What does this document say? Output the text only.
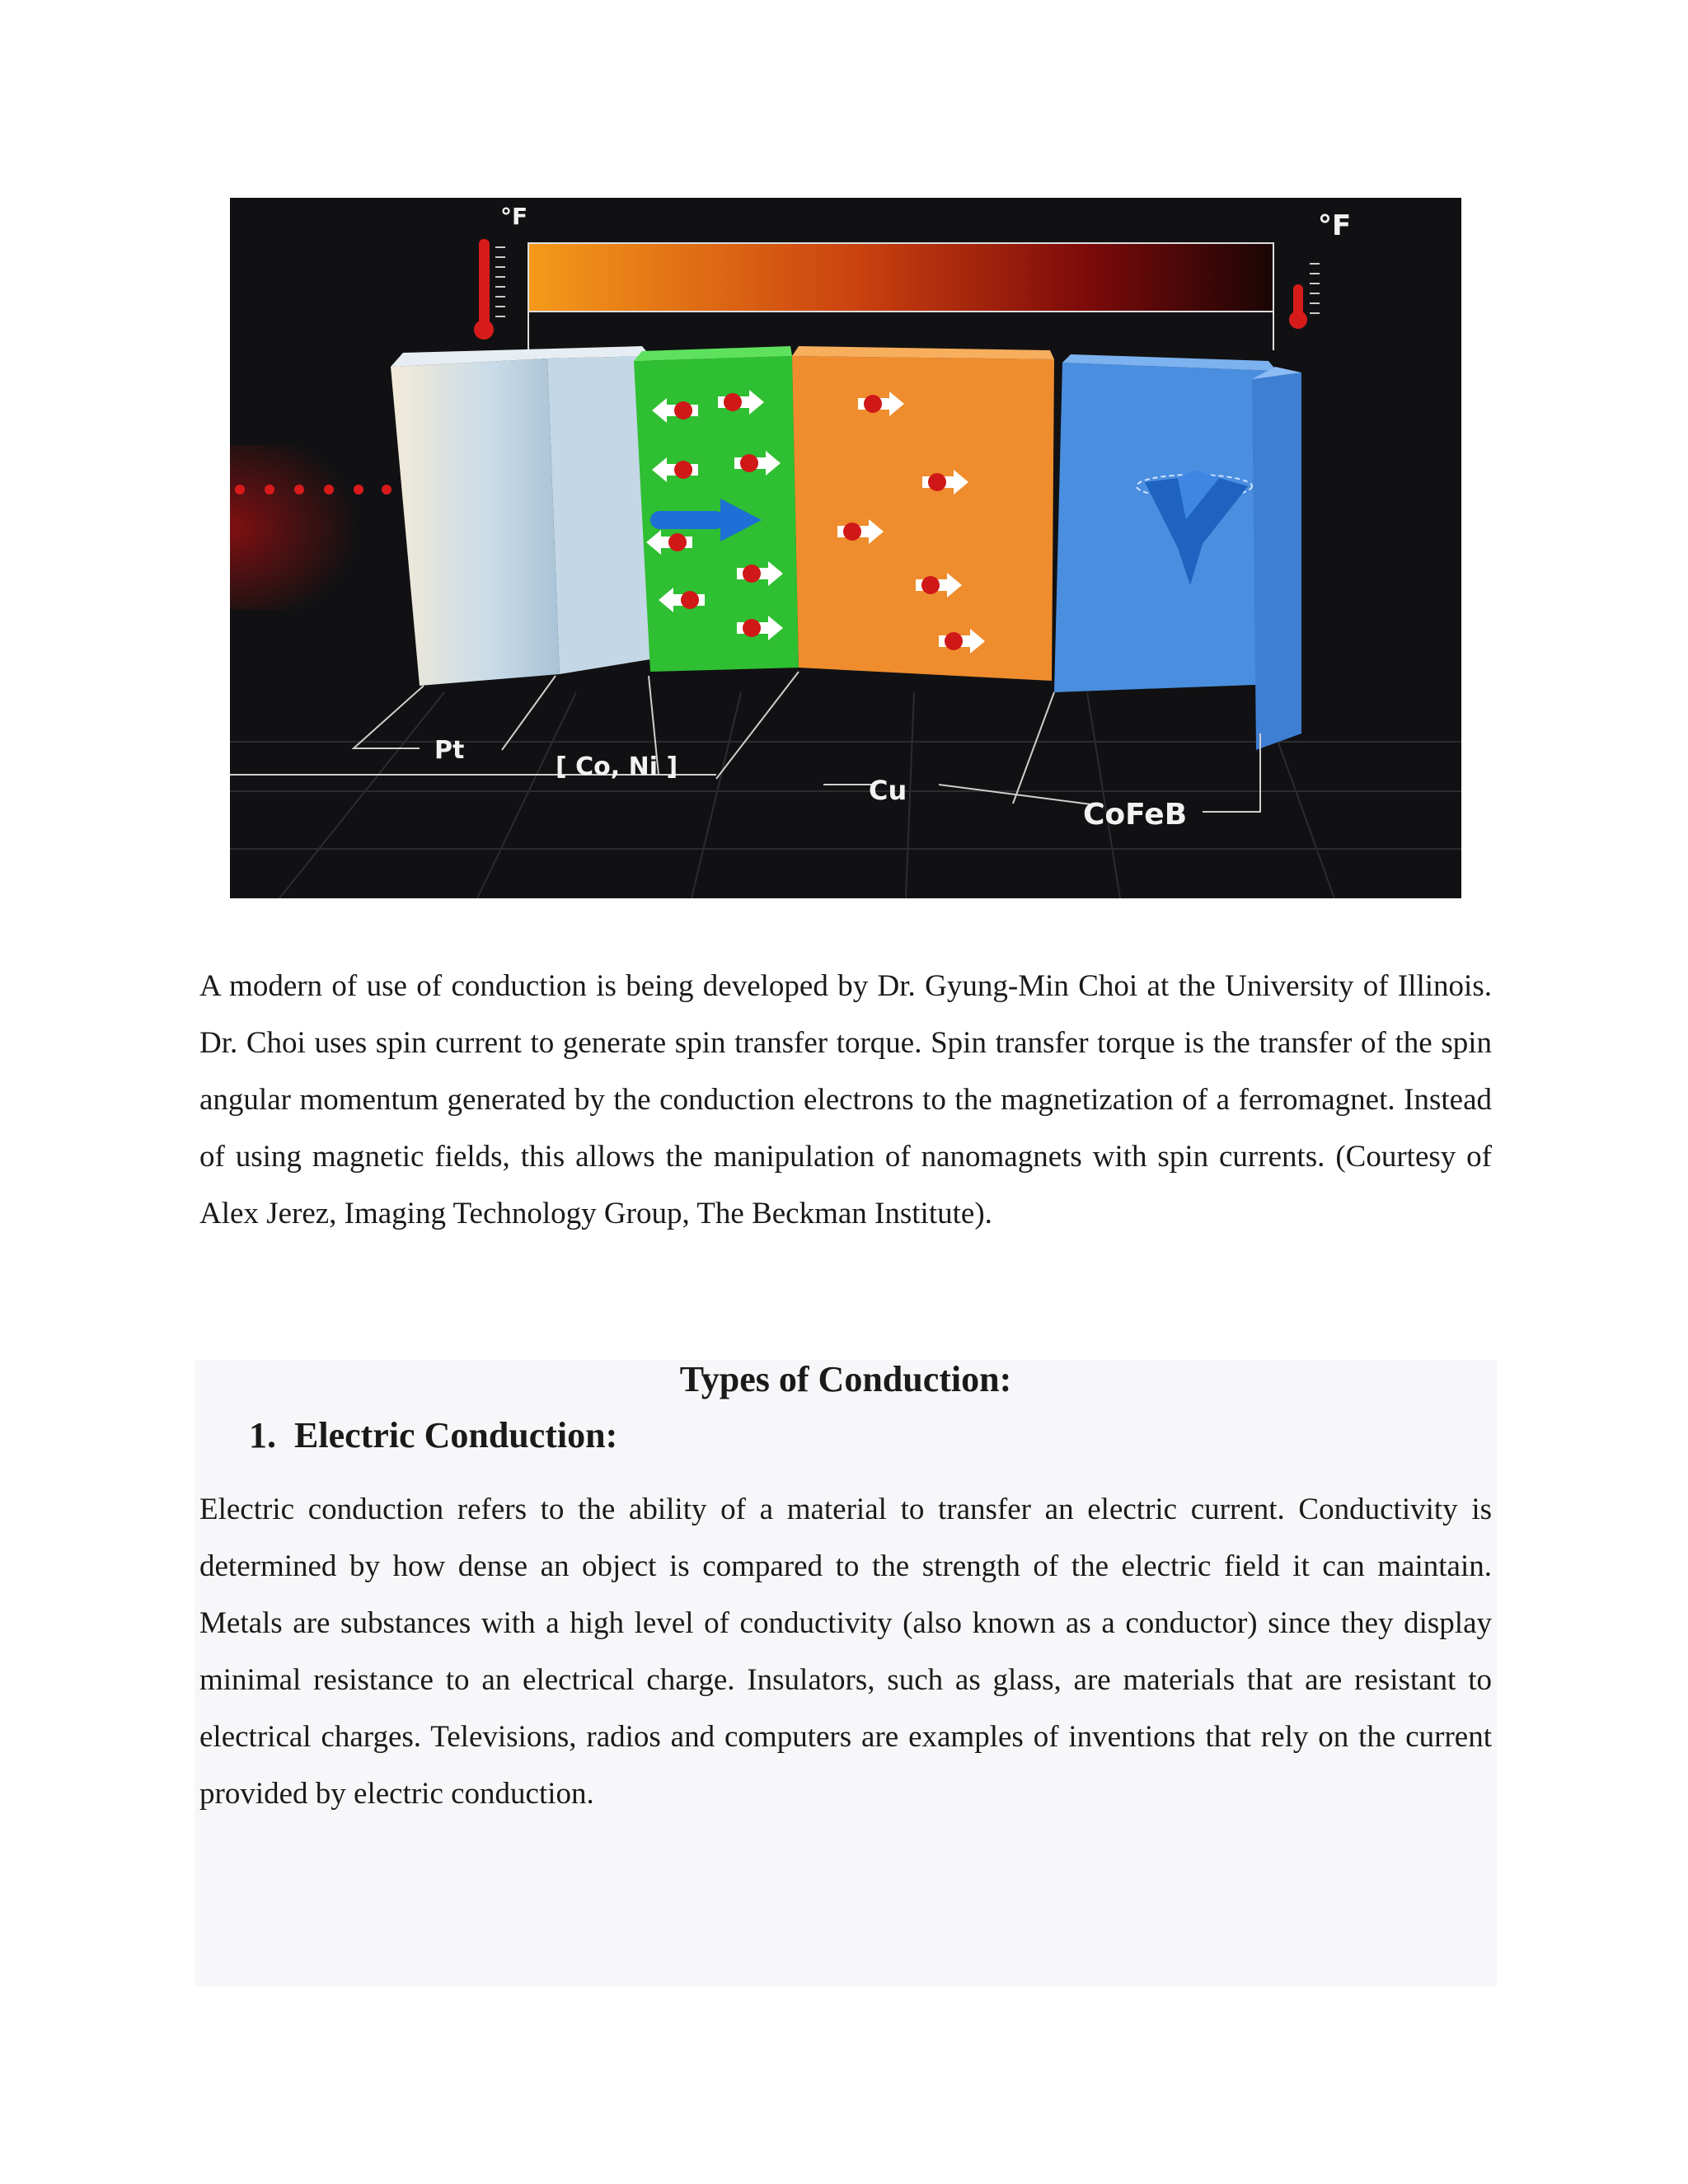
°F	°F
Pt
[ Co, Ni ]
Cu
CoFeB

A modern of use of conduction is being developed by Dr. Gyung-Min Choi at the University of Illinois. Dr. Choi uses spin current to generate spin transfer torque. Spin transfer torque is the transfer of the spin angular momentum generated by the conduction electrons to the magnetization of a ferromagnet. Instead of using magnetic fields, this allows the manipulation of nanomagnets with spin currents. (Courtesy of Alex Jerez, Imaging Technology Group, The Beckman Institute).

Types of Conduction:
1. Electric Conduction:

Electric conduction refers to the ability of a material to transfer an electric current. Conductivity is determined by how dense an object is compared to the strength of the electric field it can maintain. Metals are substances with a high level of conductivity (also known as a conductor) since they display minimal resistance to an electrical charge. Insulators, such as glass, are materials that are resistant to electrical charges. Televisions, radios and computers are examples of inventions that rely on the current provided by electric conduction.
